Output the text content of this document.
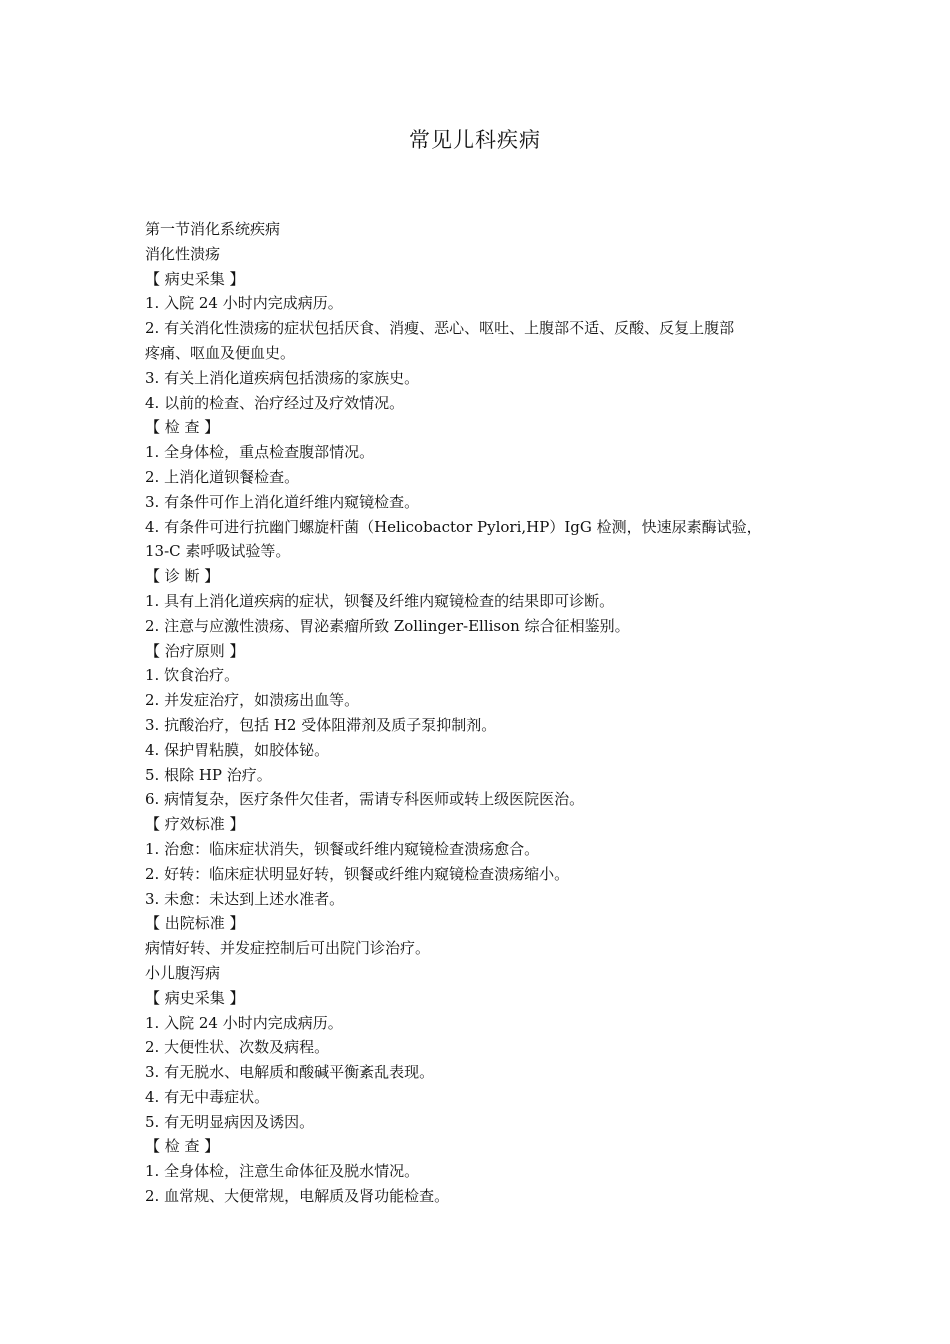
常见儿科疾病
第一节消化系统疾病
消化性溃疡
【 病史采集 】
1. 入院 24 小时内完成病历。
2. 有关消化性溃疡的症状包括厌食、消瘦、恶心、呕吐、上腹部不适、反酸、反复上腹部
疼痛、呕血及便血史。
3. 有关上消化道疾病包括溃疡的家族史。
4. 以前的检查、治疗经过及疗效情况。
【 检 查 】
1. 全身体检，重点检查腹部情况。
2. 上消化道钡餐检查。
3. 有条件可作上消化道纤维内窥镜检查。
4. 有条件可进行抗幽门螺旋杆菌（Helicobactor Pylori,HP）IgG 检测，快速尿素酶试验，
13-C 素呼吸试验等。
【 诊 断 】
1. 具有上消化道疾病的症状，钡餐及纤维内窥镜检查的结果即可诊断。
2. 注意与应激性溃疡、胃泌素瘤所致 Zollinger-Ellison 综合征相鉴别。
【 治疗原则 】
1. 饮食治疗。
2. 并发症治疗，如溃疡出血等。
3. 抗酸治疗，包括 H2 受体阻滞剂及质子泵抑制剂。
4. 保护胃粘膜，如胶体铋。
5. 根除 HP 治疗。
6. 病情复杂，医疗条件欠佳者，需请专科医师或转上级医院医治。
【 疗效标准 】
1. 治愈：临床症状消失，钡餐或纤维内窥镜检查溃疡愈合。
2. 好转：临床症状明显好转，钡餐或纤维内窥镜检查溃疡缩小。
3. 未愈：未达到上述水准者。
【 出院标准 】
病情好转、并发症控制后可出院门诊治疗。
小儿腹泻病
【 病史采集 】
1. 入院 24 小时内完成病历。
2. 大便性状、次数及病程。
3. 有无脱水、电解质和酸碱平衡紊乱表现。
4. 有无中毒症状。
5. 有无明显病因及诱因。
【 检 查 】
1. 全身体检，注意生命体征及脱水情况。
2. 血常规、大便常规，电解质及肾功能检查。
